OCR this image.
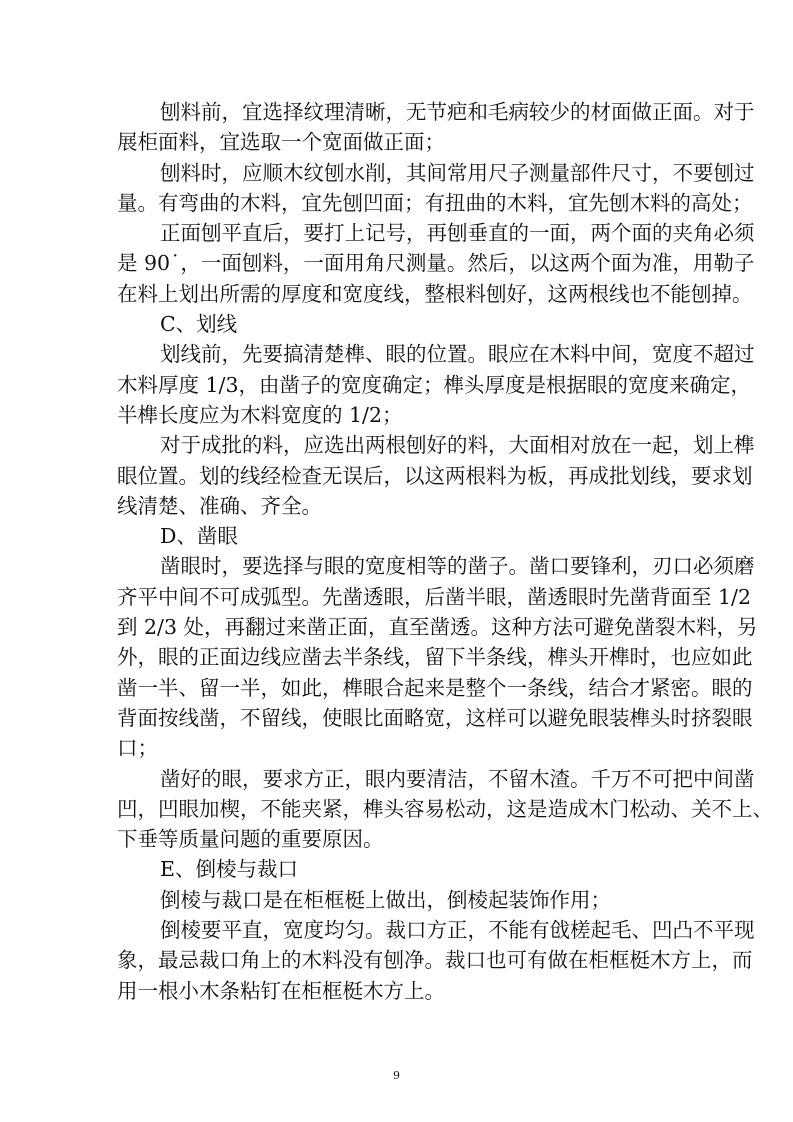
刨料前，宜选择纹理清晰，无节疤和毛病较少的材面做正面。对于
展柜面料，宜选取一个宽面做正面；
刨料时，应顺木纹刨水削，其间常用尺子测量部件尺寸，不要刨过
量。有弯曲的木料，宜先刨凹面；有扭曲的木料，宜先刨木料的高处；
正面刨平直后，要打上记号，再刨垂直的一面，两个面的夹角必须
是 90˙，一面刨料，一面用角尺测量。然后，以这两个面为准，用勒子
在料上划出所需的厚度和宽度线，整根料刨好，这两根线也不能刨掉。
C、划线
划线前，先要搞清楚榫、眼的位置。眼应在木料中间，宽度不超过
木料厚度 1/3，由凿子的宽度确定；榫头厚度是根据眼的宽度来确定，
半榫长度应为木料宽度的 1/2；
对于成批的料，应选出两根刨好的料，大面相对放在一起，划上榫
眼位置。划的线经检查无误后，以这两根料为板，再成批划线，要求划
线清楚、准确、齐全。
D、凿眼
凿眼时，要选择与眼的宽度相等的凿子。凿口要锋利，刃口必须磨
齐平中间不可成弧型。先凿透眼，后凿半眼，凿透眼时先凿背面至 1/2
到 2/3 处，再翻过来凿正面，直至凿透。这种方法可避免凿裂木料，另
外，眼的正面边线应凿去半条线，留下半条线，榫头开榫时，也应如此
凿一半、留一半，如此，榫眼合起来是整个一条线，结合才紧密。眼的
背面按线凿，不留线，使眼比面略宽，这样可以避免眼装榫头时挤裂眼
口；
凿好的眼，要求方正，眼内要清洁，不留木渣。千万不可把中间凿
凹，凹眼加楔，不能夹紧，榫头容易松动，这是造成木门松动、关不上、
下垂等质量问题的重要原因。
E、倒棱与裁口
倒棱与裁口是在柜框梃上做出，倒棱起装饰作用；
倒棱要平直，宽度均匀。裁口方正，不能有戗槎起毛、凹凸不平现
象，最忌裁口角上的木料没有刨净。裁口也可有做在柜框梃木方上，而
用一根小木条粘钉在柜框梃木方上。
9
